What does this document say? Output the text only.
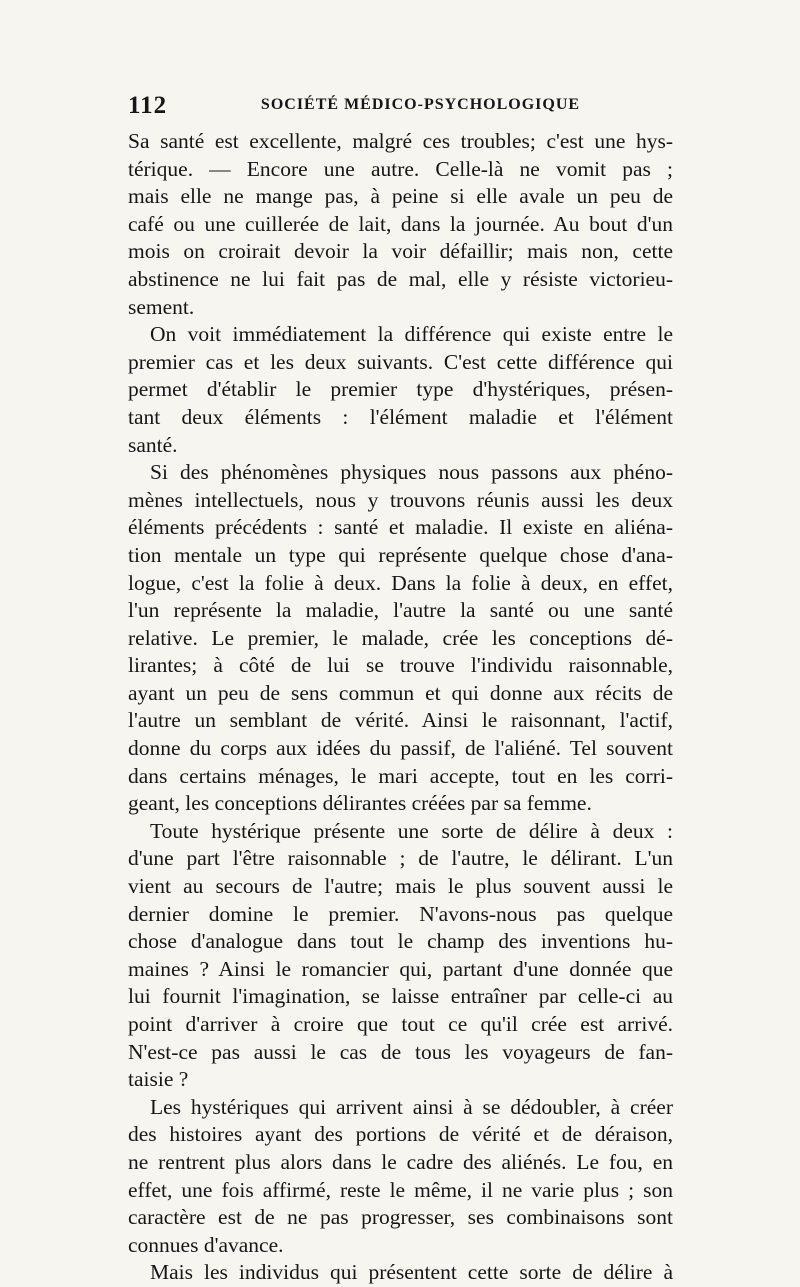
112	SOCIÉTÉ MÉDICO-PSYCHOLOGIQUE
Sa santé est excellente, malgré ces troubles; c'est une hys-
térique. — Encore une autre. Celle-là ne vomit pas ;
mais elle ne mange pas, à peine si elle avale un peu de
café ou une cuillerée de lait, dans la journée. Au bout d'un
mois on croirait devoir la voir défaillir; mais non, cette
abstinence ne lui fait pas de mal, elle y résiste victorieu-
sement.
On voit immédiatement la différence qui existe entre le
premier cas et les deux suivants. C'est cette différence qui
permet d'établir le premier type d'hystériques, présen-
tant deux éléments : l'élément maladie et l'élément
santé.
Si des phénomènes physiques nous passons aux phéno-
mènes intellectuels, nous y trouvons réunis aussi les deux
éléments précédents : santé et maladie. Il existe en aliéna-
tion mentale un type qui représente quelque chose d'ana-
logue, c'est la folie à deux. Dans la folie à deux, en effet,
l'un représente la maladie, l'autre la santé ou une santé
relative. Le premier, le malade, crée les conceptions dé-
lirantes; à côté de lui se trouve l'individu raisonnable,
ayant un peu de sens commun et qui donne aux récits de
l'autre un semblant de vérité. Ainsi le raisonnant, l'actif,
donne du corps aux idées du passif, de l'aliéné. Tel souvent
dans certains ménages, le mari accepte, tout en les corri-
geant, les conceptions délirantes créées par sa femme.
Toute hystérique présente une sorte de délire à deux :
d'une part l'être raisonnable ; de l'autre, le délirant. L'un
vient au secours de l'autre; mais le plus souvent aussi le
dernier domine le premier. N'avons-nous pas quelque
chose d'analogue dans tout le champ des inventions hu-
maines ? Ainsi le romancier qui, partant d'une donnée que
lui fournit l'imagination, se laisse entraîner par celle-ci au
point d'arriver à croire que tout ce qu'il crée est arrivé.
N'est-ce pas aussi le cas de tous les voyageurs de fan-
taisie ?
Les hystériques qui arrivent ainsi à se dédoubler, à créer
des histoires ayant des portions de vérité et de déraison,
ne rentrent plus alors dans le cadre des aliénés. Le fou, en
effet, une fois affirmé, reste le même, il ne varie plus ; son
caractère est de ne pas progresser, ses combinaisons sont
connues d'avance.
Mais les individus qui présentent cette sorte de délire à
